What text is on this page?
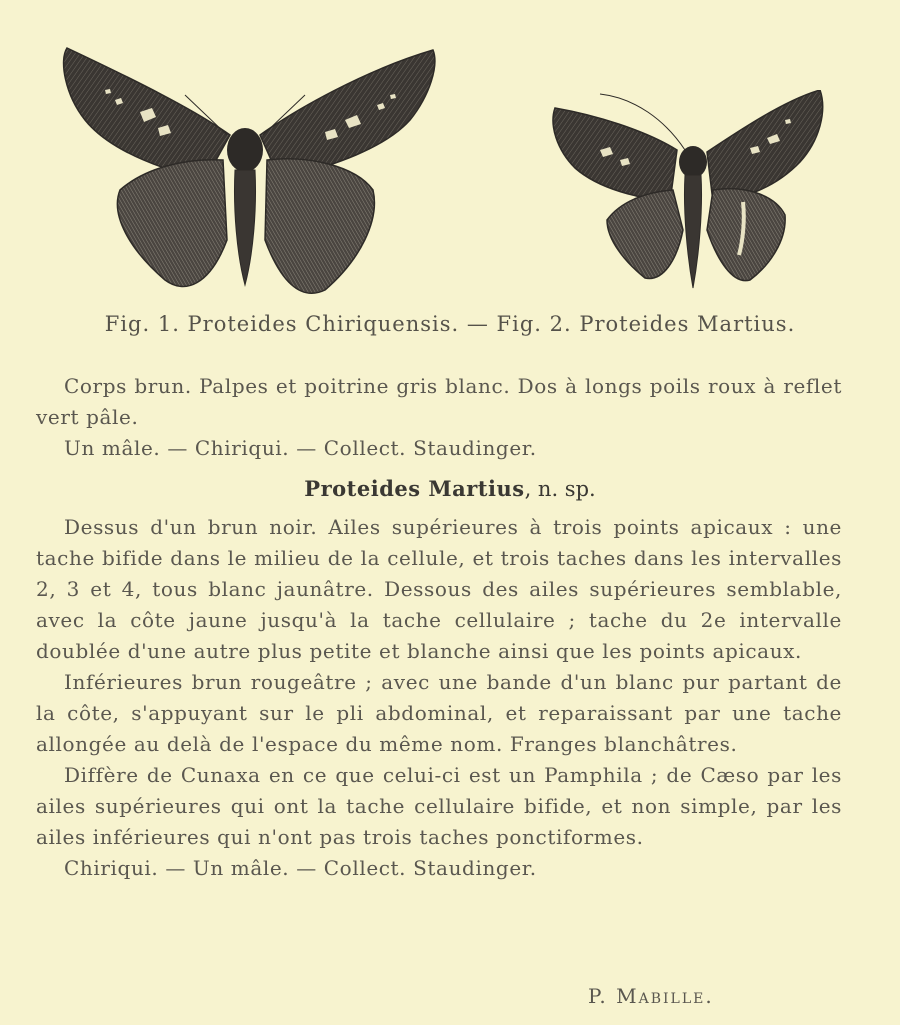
Fig. 1. Proteides Chiriquensis. — Fig. 2. Proteides Martius.

Corps brun. Palpes et poitrine gris blanc. Dos à longs poils roux à reflet vert pâle.

Un mâle. — Chiriqui. — Collect. Staudinger.

Proteides Martius, n. sp.

Dessus d'un brun noir. Ailes supérieures à trois points apicaux : une tache bifide dans le milieu de la cellule, et trois taches dans les intervalles 2, 3 et 4, tous blanc jaunâtre. Dessous des ailes supérieures semblable, avec la côte jaune jusqu'à la tache cellulaire ; tache du 2e intervalle doublée d'une autre plus petite et blanche ainsi que les points apicaux.

Inférieures brun rougeâtre ; avec une bande d'un blanc pur partant de la côte, s'appuyant sur le pli abdominal, et reparaissant par une tache allongée au delà de l'espace du même nom. Franges blanchâtres.

Diffère de Cunaxa en ce que celui-ci est un Pamphila ; de Cæso par les ailes supérieures qui ont la tache cellulaire bifide, et non simple, par les ailes inférieures qui n'ont pas trois taches ponctiformes.

Chiriqui. — Un mâle. — Collect. Staudinger.

P. Mabille.
